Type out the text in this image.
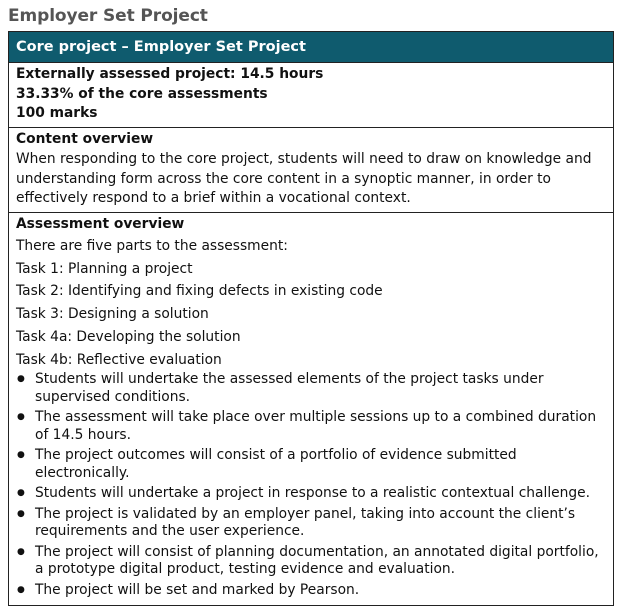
Employer Set Project
Core project – Employer Set Project
Externally assessed project: 14.5 hours
33.33% of the core assessments
100 marks
Content overview
When responding to the core project, students will need to draw on knowledge and
understanding form across the core content in a synoptic manner, in order to
effectively respond to a brief within a vocational context.
Assessment overview
There are five parts to the assessment:
Task 1: Planning a project
Task 2: Identifying and fixing defects in existing code
Task 3: Designing a solution
Task 4a: Developing the solution
Task 4b: Reflective evaluation
● Students will undertake the assessed elements of the project tasks under
supervised conditions.
● The assessment will take place over multiple sessions up to a combined duration
of 14.5 hours.
● The project outcomes will consist of a portfolio of evidence submitted electronically.
● Students will undertake a project in response to a realistic contextual challenge.
● The project is validated by an employer panel, taking into account the client’s
requirements and the user experience.
● The project will consist of planning documentation, an annotated digital portfolio,
a prototype digital product, testing evidence and evaluation.
● The project will be set and marked by Pearson.
